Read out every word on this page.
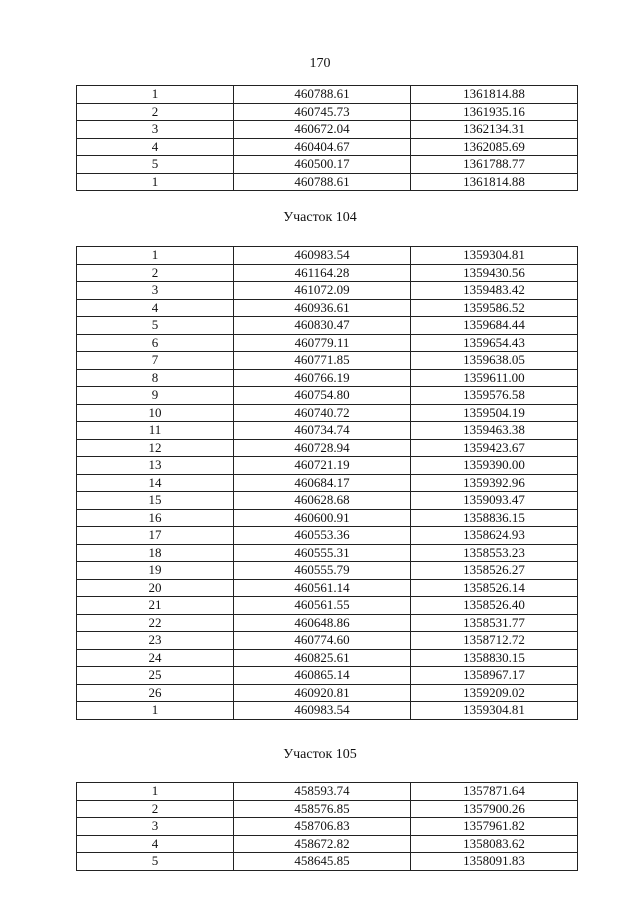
170
1	460788.61	1361814.88
2	460745.73	1361935.16
3	460672.04	1362134.31
4	460404.67	1362085.69
5	460500.17	1361788.77
1	460788.61	1361814.88
Участок 104
1	460983.54	1359304.81
2	461164.28	1359430.56
3	461072.09	1359483.42
4	460936.61	1359586.52
5	460830.47	1359684.44
6	460779.11	1359654.43
7	460771.85	1359638.05
8	460766.19	1359611.00
9	460754.80	1359576.58
10	460740.72	1359504.19
11	460734.74	1359463.38
12	460728.94	1359423.67
13	460721.19	1359390.00
14	460684.17	1359392.96
15	460628.68	1359093.47
16	460600.91	1358836.15
17	460553.36	1358624.93
18	460555.31	1358553.23
19	460555.79	1358526.27
20	460561.14	1358526.14
21	460561.55	1358526.40
22	460648.86	1358531.77
23	460774.60	1358712.72
24	460825.61	1358830.15
25	460865.14	1358967.17
26	460920.81	1359209.02
1	460983.54	1359304.81
Участок 105
1	458593.74	1357871.64
2	458576.85	1357900.26
3	458706.83	1357961.82
4	458672.82	1358083.62
5	458645.85	1358091.83
